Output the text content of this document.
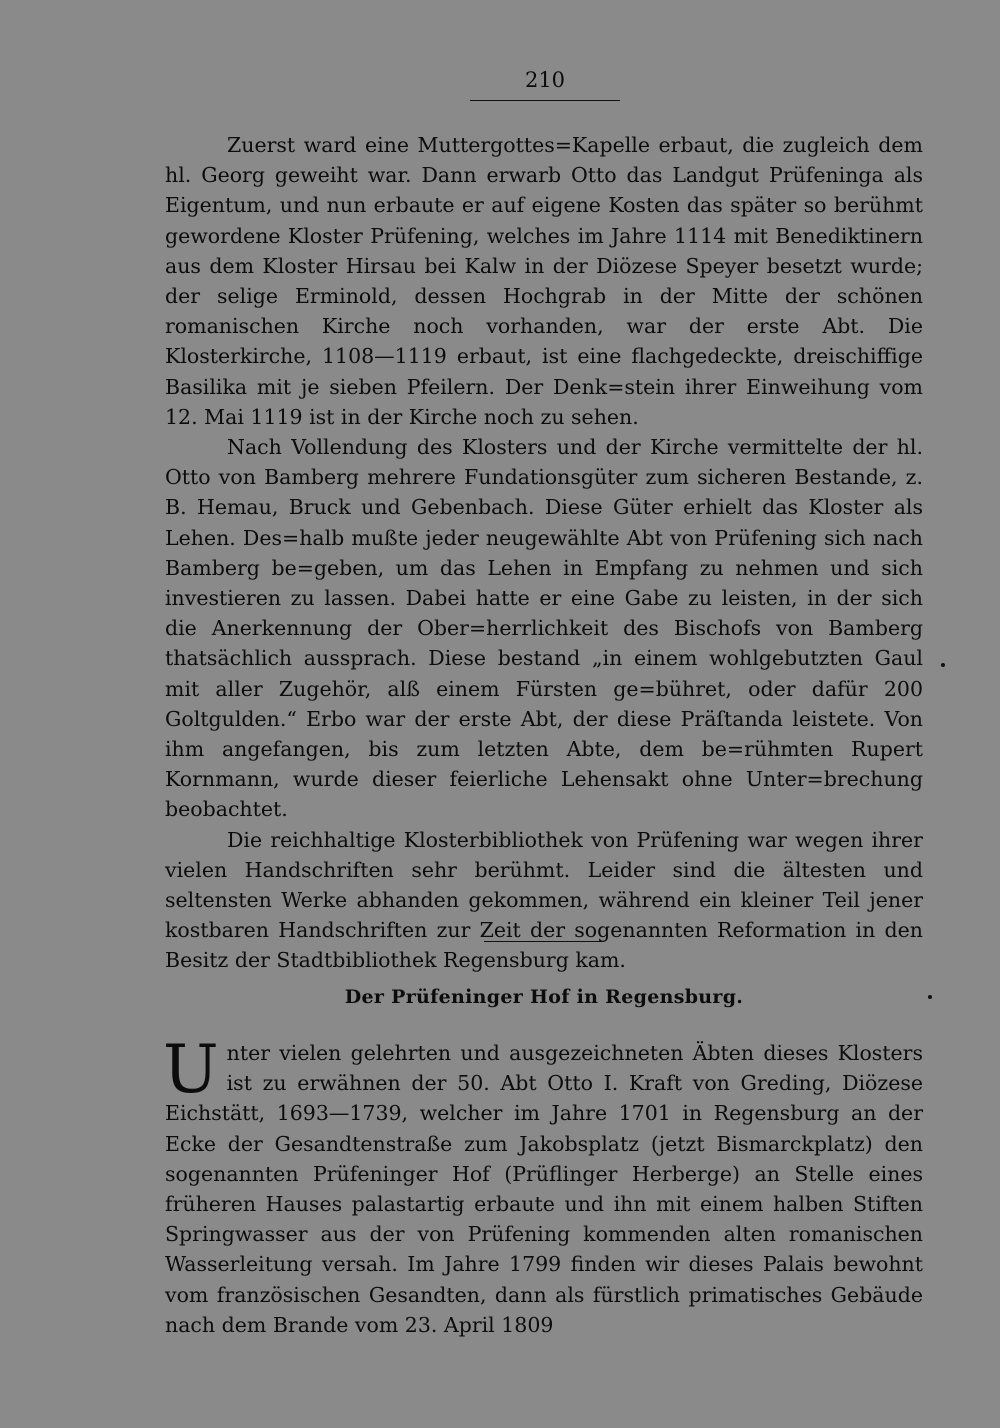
210

Zuerst ward eine Muttergottes=Kapelle erbaut, die zugleich dem hl. Georg geweiht war. Dann erwarb Otto das Landgut Prüfeninga als Eigentum, und nun erbaute er auf eigene Kosten das später so berühmt gewordene Kloster Prüfening, welches im Jahre 1114 mit Benediktinern aus dem Kloster Hirsau bei Kalw in der Diözese Speyer besetzt wurde; der selige Erminold, dessen Hochgrab in der Mitte der schönen romanischen Kirche noch vorhanden, war der erste Abt. Die Klosterkirche, 1108—1119 erbaut, ist eine flachgedeckte, dreischiffige Basilika mit je sieben Pfeilern. Der Denk=stein ihrer Einweihung vom 12. Mai 1119 ist in der Kirche noch zu sehen.

Nach Vollendung des Klosters und der Kirche vermittelte der hl. Otto von Bamberg mehrere Fundationsgüter zum sicheren Bestande, z. B. Hemau, Bruck und Gebenbach. Diese Güter erhielt das Kloster als Lehen. Des=halb mußte jeder neugewählte Abt von Prüfening sich nach Bamberg be=geben, um das Lehen in Empfang zu nehmen und sich investieren zu lassen. Dabei hatte er eine Gabe zu leisten, in der sich die Anerkennung der Ober=herrlichkeit des Bischofs von Bamberg thatsächlich aussprach. Diese bestand „in einem wohlgebutzten Gaul mit aller Zugehör, alß einem Fürsten ge=bühret, oder dafür 200 Goltgulden.“ Erbo war der erste Abt, der diese Präſtanda leistete. Von ihm angefangen, bis zum letzten Abte, dem be=rühmten Rupert Kornmann, wurde dieser feierliche Lehensakt ohne Unter=brechung beobachtet.

Die reichhaltige Klosterbibliothek von Prüfening war wegen ihrer vielen Handschriften sehr berühmt. Leider sind die ältesten und seltensten Werke abhanden gekommen, während ein kleiner Teil jener kostbaren Handschriften zur Zeit der sogenannten Reformation in den Besitz der Stadtbibliothek Regensburg kam.

Der Prüfeninger Hof in Regensburg.

Unter vielen gelehrten und ausgezeichneten Äbten dieses Klosters ist zu erwähnen der 50. Abt Otto I. Kraft von Greding, Diözese Eichstätt, 1693—1739, welcher im Jahre 1701 in Regensburg an der Ecke der Gesandtenstraße zum Jakobsplatz (jetzt Bismarckplatz) den sogenannten Prüfeninger Hof (Prüflinger Herberge) an Stelle eines früheren Hauses palastartig erbaute und ihn mit einem halben Stiften Springwasser aus der von Prüfening kommenden alten romanischen Wasserleitung versah. Im Jahre 1799 finden wir dieses Palais bewohnt vom französischen Gesandten, dann als fürstlich primatisches Gebäude nach dem Brande vom 23. April 1809
